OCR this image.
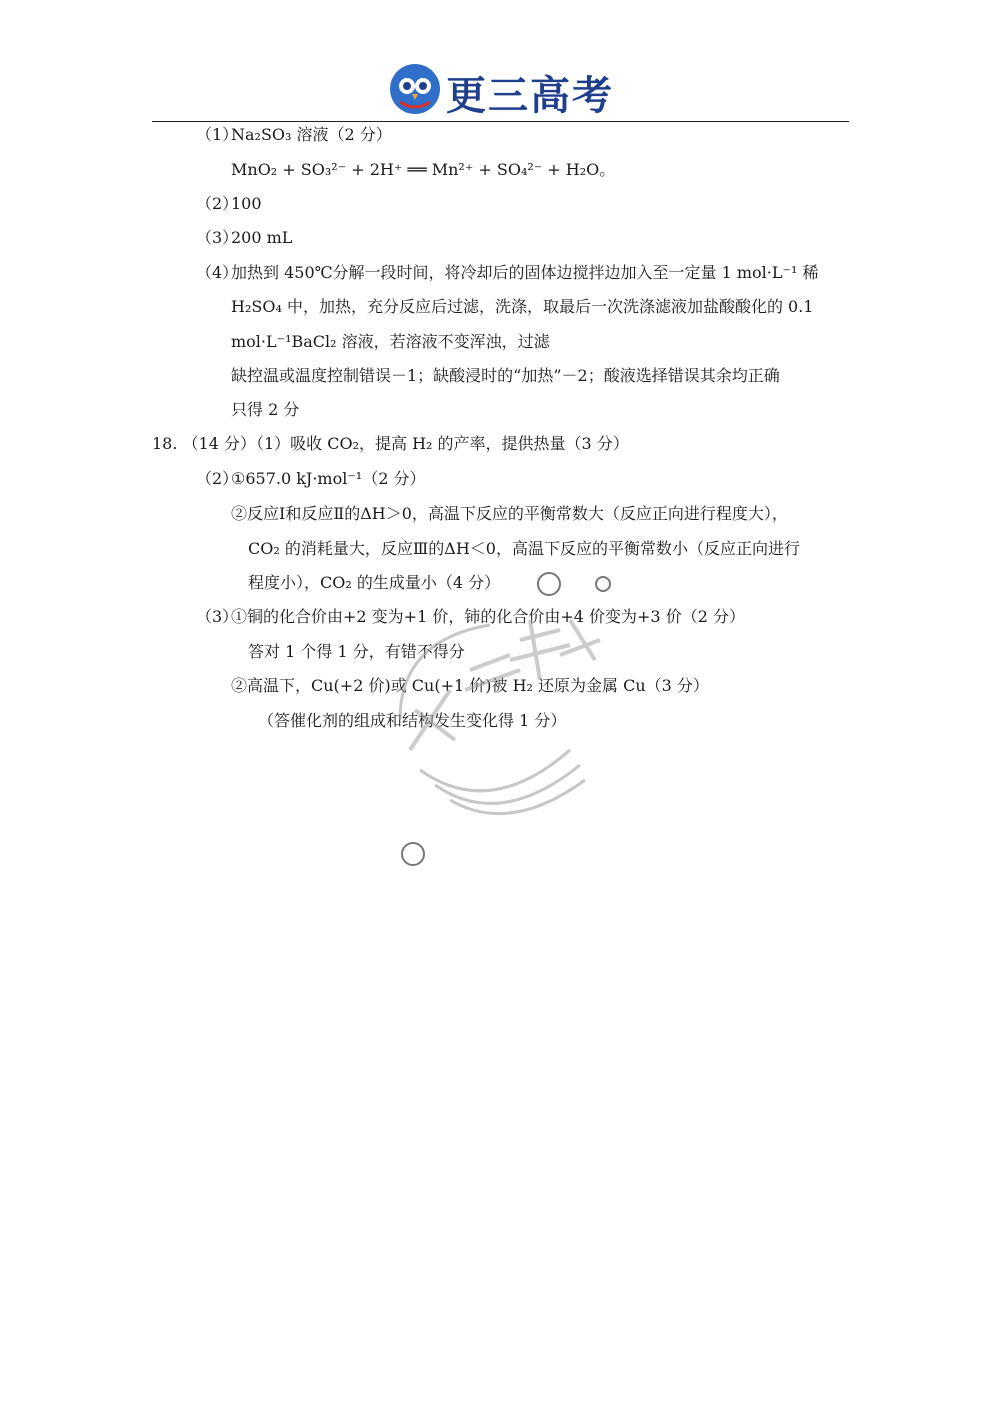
更三高考
（1）
Na₂SO₃ 溶液（2 分）
MnO₂ + SO₃²⁻ + 2H⁺ ══ Mn²⁺ + SO₄²⁻ + H₂O。
（2）
100
（3）
200 mL
（4）
加热到 450℃分解一段时间，将冷却后的固体边搅拌边加入至一定量 1 mol·L⁻¹ 稀
H₂SO₄ 中，加热，充分反应后过滤，洗涤，取最后一次洗涤滤液加盐酸酸化的 0.1
mol·L⁻¹BaCl₂ 溶液，若溶液不变浑浊，过滤
缺控温或温度控制错误－1；缺酸浸时的“加热”－2；酸液选择错误其余均正确
只得 2 分
18. （14 分）（1）吸收 CO₂，提高 H₂ 的产率，提供热量（3 分）
（2）
①657.0 kJ·mol⁻¹（2 分）
②反应Ⅰ和反应Ⅱ的ΔH＞0，高温下反应的平衡常数大（反应正向进行程度大），
CO₂ 的消耗量大，反应Ⅲ的ΔH＜0，高温下反应的平衡常数小（反应正向进行
程度小），CO₂ 的生成量小（4 分）
（3）
①铜的化合价由+2 变为+1 价，铈的化合价由+4 价变为+3 价（2 分）
答对 1 个得 1 分，有错不得分
②高温下，Cu(+2 价)或 Cu(+1 价)被 H₂ 还原为金属 Cu（3 分）
（答催化剂的组成和结构发生变化得 1 分）
